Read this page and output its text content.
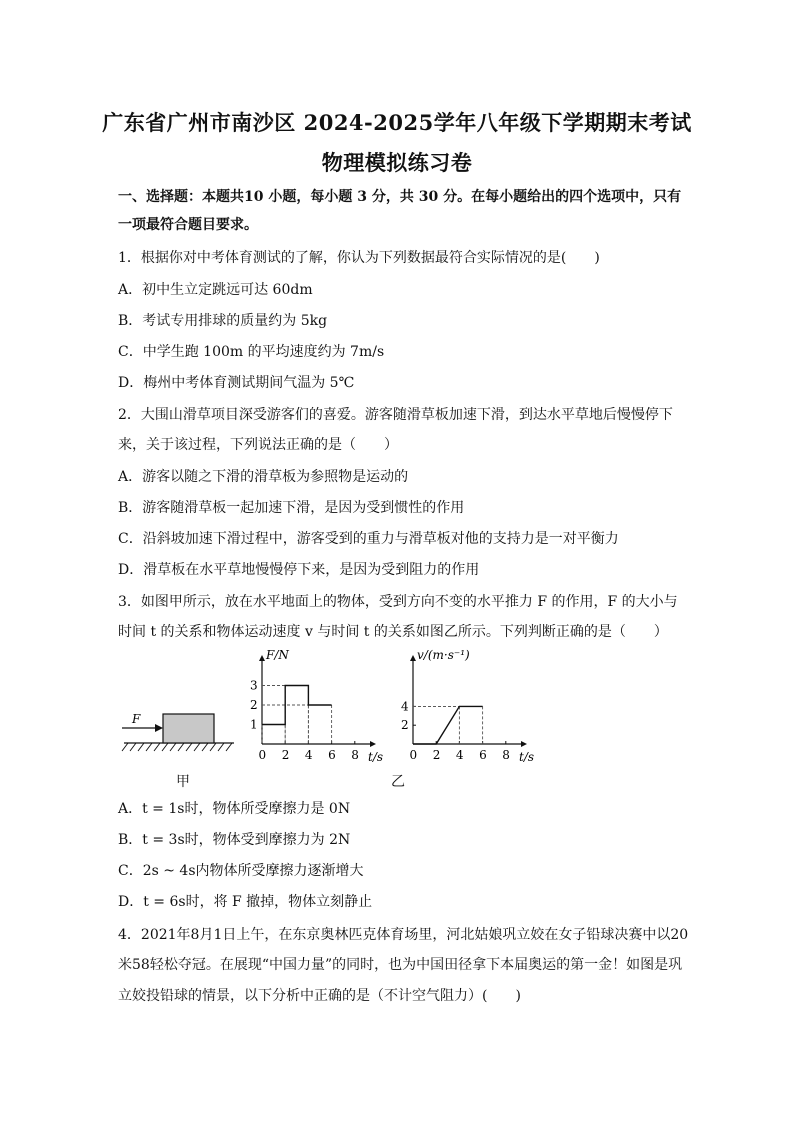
广东省广州市南沙区 2024-2025学年八年级下学期期末考试
物理模拟练习卷
一、选择题：本题共10 小题，每小题 3 分，共 30 分。在每小题给出的四个选项中，只有
一项最符合题目要求。
1．根据你对中考体育测试的了解，你认为下列数据最符合实际情况的是(　　)
A．初中生立定跳远可达 60dm
B．考试专用排球的质量约为 5kg
C．中学生跑 100m 的平均速度约为 7m/s
D．梅州中考体育测试期间气温为 5℃
2．大围山滑草项目深受游客们的喜爱。游客随滑草板加速下滑，到达水平草地后慢慢停下
来，关于该过程，下列说法正确的是（　　）
A．游客以随之下滑的滑草板为参照物是运动的
B．游客随滑草板一起加速下滑，是因为受到惯性的作用
C．沿斜坡加速下滑过程中，游客受到的重力与滑草板对他的支持力是一对平衡力
D．滑草板在水平草地慢慢停下来，是因为受到阻力的作用
3．如图甲所示，放在水平地面上的物体，受到方向不变的水平推力 F 的作用，F 的大小与
时间 t 的关系和物体运动速度 v 与时间 t 的关系如图乙所示。下列判断正确的是（　　）
F
0 2 4 6 8
1
2
3
t/s
F/N
0 2 4 6 8
2
4
t/s
v/(m·s⁻¹)
甲	乙
A．t = 1s时，物体所受摩擦力是 0N
B．t = 3s时，物体受到摩擦力为 2N
C．2s ~ 4s内物体所受摩擦力逐渐增大
D．t = 6s时，将 F 撤掉，物体立刻静止
4．2021年8月1日上午，在东京奥林匹克体育场里，河北姑娘巩立姣在女子铅球决赛中以20
米58轻松夺冠。在展现“中国力量”的同时，也为中国田径拿下本届奥运的第一金！如图是巩
立姣投铅球的情景，以下分析中正确的是（不计空气阻力）(　　)
